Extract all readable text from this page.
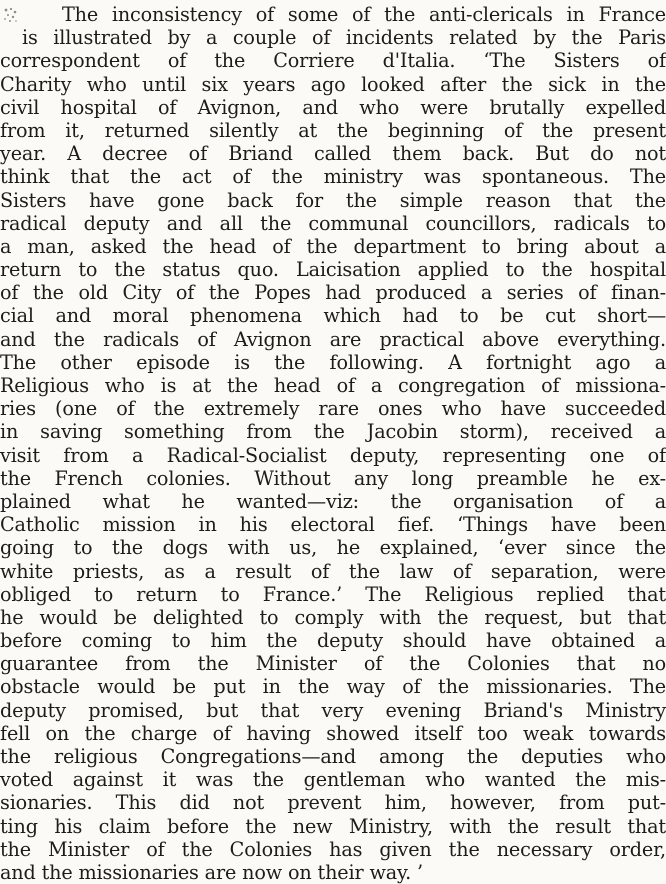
The inconsistency of some of the anti-clericals in France
is illustrated by a couple of incidents related by the Paris
correspondent of the Corriere d'Italia. ‘The Sisters of
Charity who until six years ago looked after the sick in the
civil hospital of Avignon, and who were brutally expelled
from it, returned silently at the beginning of the present
year. A decree of Briand called them back. But do not
think that the act of the ministry was spontaneous. The
Sisters have gone back for the simple reason that the
radical deputy and all the communal councillors, radicals to
a man, asked the head of the department to bring about a
return to the status quo. Laicisation applied to the hospital
of the old City of the Popes had produced a series of finan-
cial and moral phenomena which had to be cut short—
and the radicals of Avignon are practical above everything.
The other episode is the following. A fortnight ago a
Religious who is at the head of a congregation of missiona-
ries (one of the extremely rare ones who have succeeded
in saving something from the Jacobin storm), received a
visit from a Radical-Socialist deputy, representing one of
the French colonies. Without any long preamble he ex-
plained what he wanted—viz: the organisation of a
Catholic mission in his electoral fief. ‘Things have been
going to the dogs with us, he explained, ‘ever since the
white priests, as a result of the law of separation, were
obliged to return to France.’ The Religious replied that
he would be delighted to comply with the request, but that
before coming to him the deputy should have obtained a
guarantee from the Minister of the Colonies that no
obstacle would be put in the way of the missionaries. The
deputy promised, but that very evening Briand's Ministry
fell on the charge of having showed itself too weak towards
the religious Congregations—and among the deputies who
voted against it was the gentleman who wanted the mis-
sionaries. This did not prevent him, however, from put-
ting his claim before the new Ministry, with the result that
the Minister of the Colonies has given the necessary order,
and the missionaries are now on their way. ’
